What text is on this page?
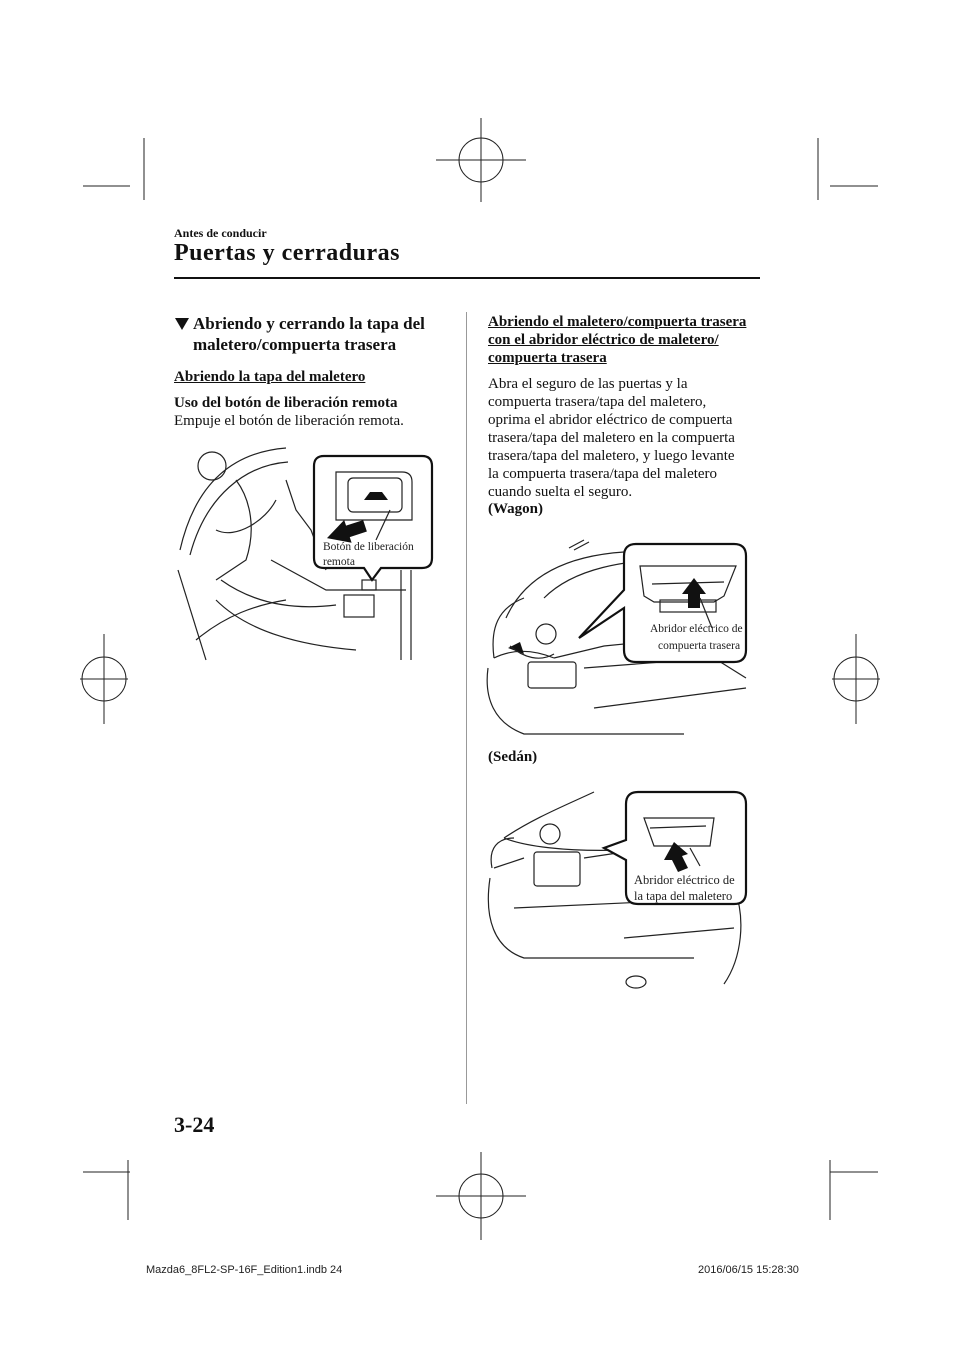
Antes de conducir
Puertas y cerraduras
Abriendo y cerrando la tapa del
maletero/compuerta trasera
Abriendo la tapa del maletero
Uso del botón de liberación remota
Empuje el botón de liberación remota.
Botón de liberación
remota
Abriendo el maletero/compuerta trasera
con el abridor eléctrico de maletero/
compuerta trasera
Abra el seguro de las puertas y la
compuerta trasera/tapa del maletero,
oprima el abridor eléctrico de compuerta
trasera/tapa del maletero en la compuerta
trasera/tapa del maletero, y luego levante
la compuerta trasera/tapa del maletero
cuando suelta el seguro.
(Wagon)
Abridor eléctrico de
compuerta trasera
(Sedán)
Abridor eléctrico de
la tapa del maletero
3-24
Mazda6_8FL2-SP-16F_Edition1.indb 24	2016/06/15 15:28:30
